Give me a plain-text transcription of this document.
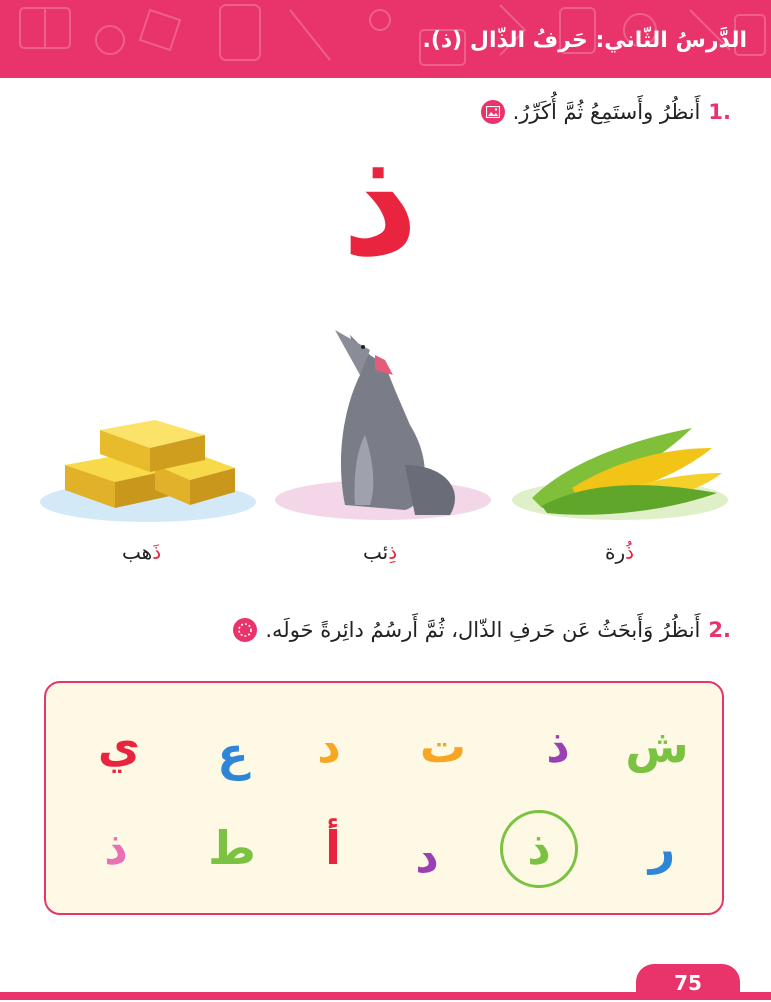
الدَّرسُ الثّاني: حَرفُ الذّال (ذ).
.1
أَنظُرُ وأَستَمِعُ ثُمَّ أُكَرِّرُ.
ذ
ذَهب	ذِئب	ذُرة
.2
أَنظُرُ وَأَبحَثُ عَن حَرفِ الذّال، ثُمَّ أَرسُمُ دائِرةً حَولَه.
ش
ذ
ت
د
ع
ي
ر
ذ
د
أ
ط
ذ
75
